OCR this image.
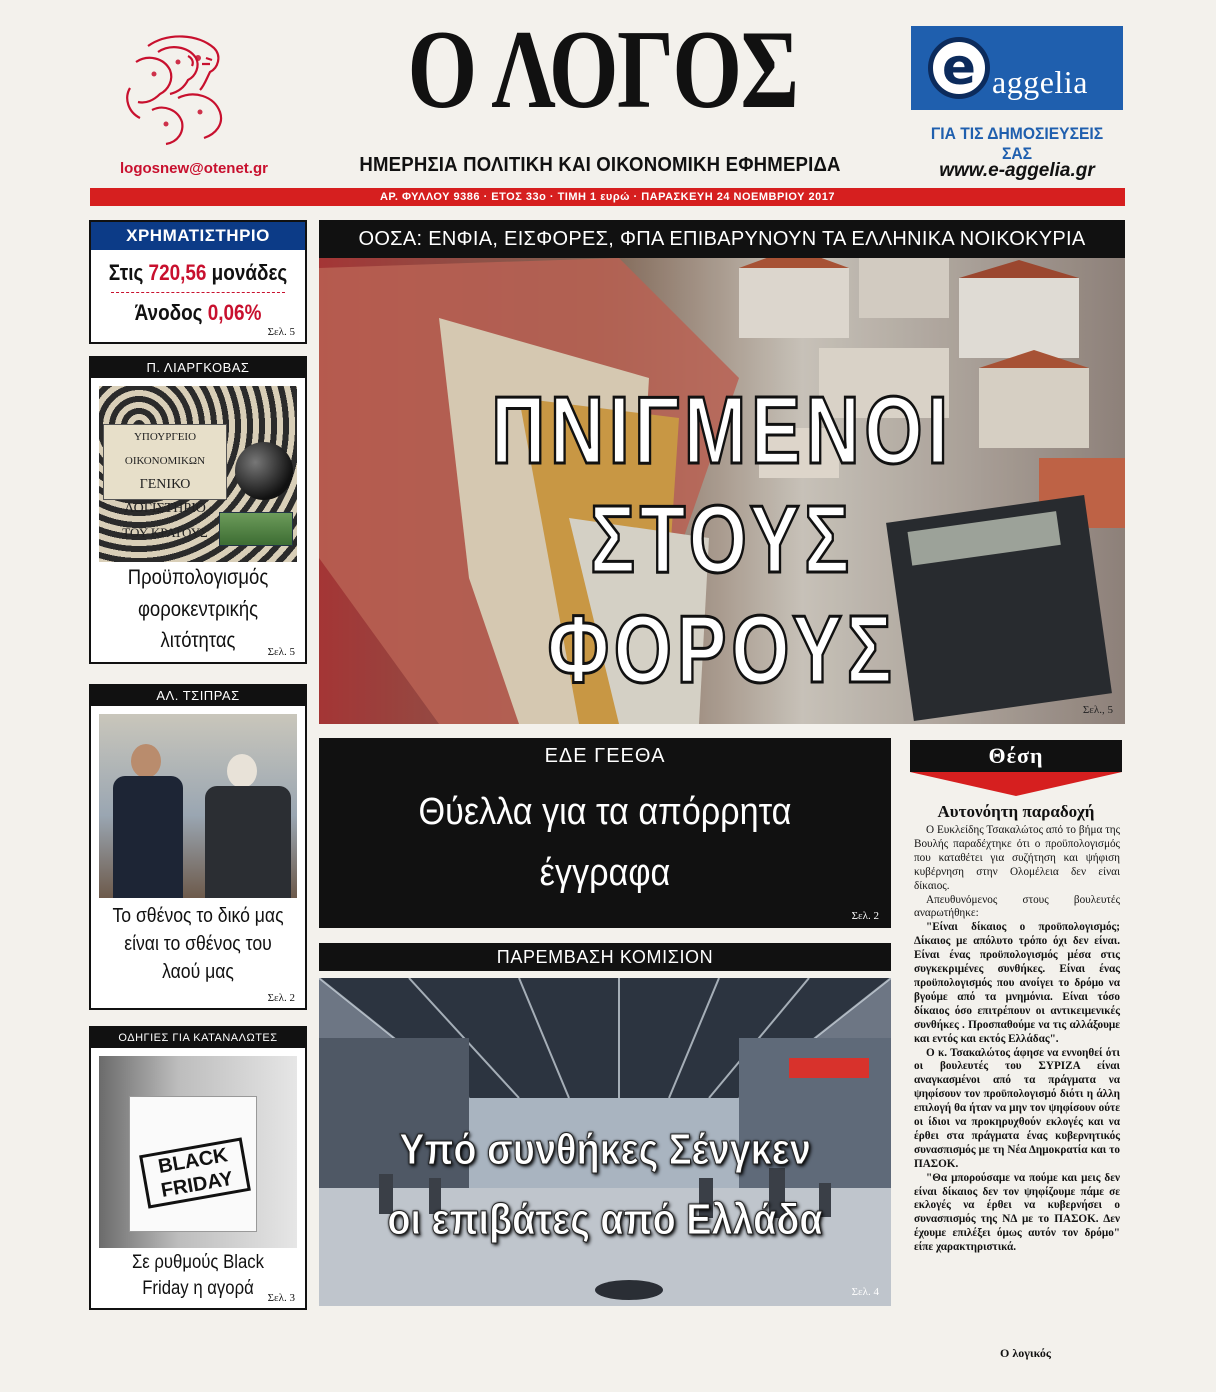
logosnew@otenet.gr
Ο ΛΟΓΟΣ
ΗΜΕΡΗΣΙΑ ΠΟΛΙΤΙΚΗ ΚΑΙ ΟΙΚΟΝΟΜΙΚΗ ΕΦΗΜΕΡΙΔΑ
ΑΡ. ΦΥΛΛΟΥ 9386 · ΕΤΟΣ 33ο · ΤΙΜΗ 1 ευρώ · ΠΑΡΑΣΚΕΥΗ 24 ΝΟΕΜΒΡΙΟΥ 2017
e aggelia
ΓΙΑ ΤΙΣ ΔΗΜΟΣΙΕΥΣΕΙΣ ΣΑΣ
www.e-aggelia.gr
ΧΡΗΜΑΤΙΣΤΗΡΙΟ
Στις 720,56 μονάδες
Άνοδος 0,06%
Σελ. 5
Π. ΛΙΑΡΓΚΟΒΑΣ
ΥΠΟΥΡΓΕΙΟ ΟΙΚΟΝΟΜΙΚΩΝ
ΓΕΝΙΚΟ ΛΟΓΙΣΤΗΡΙΟ
ΤΟΥ ΚΡΑΤΟΥΣ
Προϋπολογισμός φοροκεντρικής λιτότητας	Σελ. 5
ΑΛ. ΤΣΙΠΡΑΣ
Το σθένος το δικό μας είναι το σθένος του λαού μας
Σελ. 2
ΟΔΗΓΙΕΣ ΓΙΑ ΚΑΤΑΝΑΛΩΤΕΣ
BLACK
FRIDAY
Σε ρυθμούς Black Friday η αγορά	Σελ. 3
ΟΟΣΑ: ΕΝΦΙΑ, ΕΙΣΦΟΡΕΣ, ΦΠΑ ΕΠΙΒΑΡΥΝΟΥΝ ΤΑ ΕΛΛΗΝΙΚΑ ΝΟΙΚΟΚΥΡΙΑ
ΠΝΙΓΜΕΝΟΙ
ΣΤΟΥΣ ΦΟΡΟΥΣ
Σελ., 5
ΕΔΕ ΓΕΕΘΑ
Θύελλα για τα απόρρητα
έγγραφα
Σελ. 2
ΠΑΡΕΜΒΑΣΗ ΚΟΜΙΣΙΟΝ
Υπό συνθήκες Σένγκεν
οι επιβάτες από Ελλάδα
Σελ. 4
Θέση
Αυτονόητη παραδοχή

Ο Ευκλείδης Τσακαλώτος από το βήμα της Βουλής παραδέχτηκε ότι ο προϋπολογισμός που καταθέτει για συζήτηση και ψήφιση κυβέρνηση στην Ολομέλεια δεν είναι δίκαιος.

Απευθυνόμενος στους βουλευτές αναρωτήθηκε:

"Είναι δίκαιος ο προϋπολογισμός; Δίκαιος με απόλυτο τρόπο όχι δεν είναι. Είναι ένας προϋπολογισμός μέσα στις συγκεκριμένες συνθήκες. Είναι ένας προϋπολογισμός που ανοίγει το δρόμο να βγούμε από τα μνημόνια. Είναι τόσο δίκαιος όσο επιτρέπουν οι αντικειμενικές συνθήκες . Προσπαθούμε να τις αλλάξουμε και εντός και εκτός Ελλάδας".

Ο κ. Τσακαλώτος άφησε να εννοηθεί ότι οι βουλευτές του ΣΥΡΙΖΑ είναι αναγκασμένοι από τα πράγματα να ψηφίσουν τον προϋπολογισμό διότι η άλλη επιλογή θα ήταν να μην τον ψηφίσουν ούτε οι ίδιοι να προκηρυχθούν εκλογές και να έρθει στα πράγματα ένας κυβερνητικός συνασπισμός με τη Νέα Δημοκρατία και το ΠΑΣΟΚ.

"Θα μπορούσαμε να πούμε και μεις δεν είναι δίκαιος δεν τον ψηφίζουμε πάμε σε εκλογές να έρθει να κυβερνήσει ο συνασπισμός της ΝΔ με το ΠΑΣΟΚ. Δεν έχουμε επιλέξει όμως αυτόν τον δρόμο" είπε χαρακτηριστικά.

Ο λογικός
